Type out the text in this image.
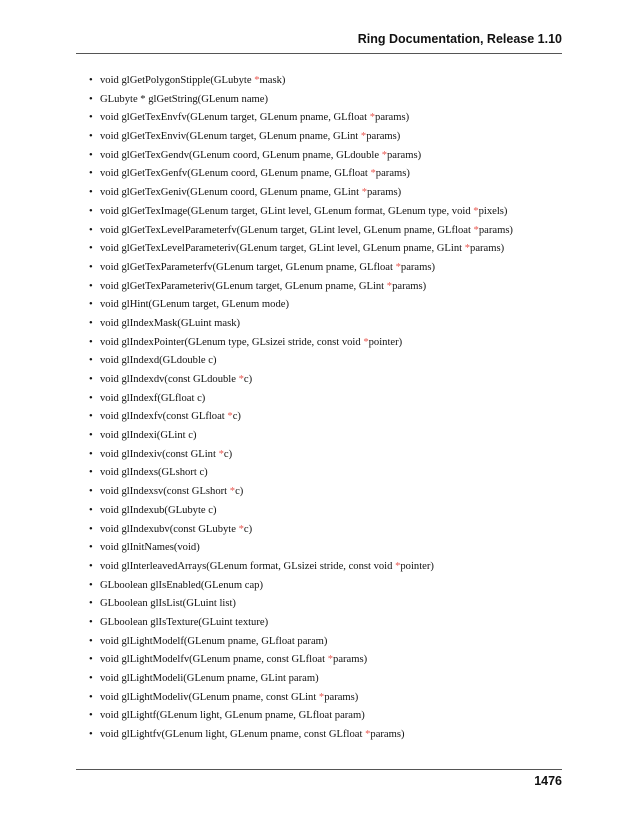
Ring Documentation, Release 1.10
• void glGetPolygonStipple(GLubyte *mask)
• GLubyte * glGetString(GLenum name)
• void glGetTexEnvfv(GLenum target, GLenum pname, GLfloat *params)
• void glGetTexEnviv(GLenum target, GLenum pname, GLint *params)
• void glGetTexGendv(GLenum coord, GLenum pname, GLdouble *params)
• void glGetTexGenfv(GLenum coord, GLenum pname, GLfloat *params)
• void glGetTexGeniv(GLenum coord, GLenum pname, GLint *params)
• void glGetTexImage(GLenum target, GLint level, GLenum format, GLenum type, void *pixels)
• void glGetTexLevelParameterfv(GLenum target, GLint level, GLenum pname, GLfloat *params)
• void glGetTexLevelParameteriv(GLenum target, GLint level, GLenum pname, GLint *params)
• void glGetTexParameterfv(GLenum target, GLenum pname, GLfloat *params)
• void glGetTexParameteriv(GLenum target, GLenum pname, GLint *params)
• void glHint(GLenum target, GLenum mode)
• void glIndexMask(GLuint mask)
• void glIndexPointer(GLenum type, GLsizei stride, const void *pointer)
• void glIndexd(GLdouble c)
• void glIndexdv(const GLdouble *c)
• void glIndexf(GLfloat c)
• void glIndexfv(const GLfloat *c)
• void glIndexi(GLint c)
• void glIndexiv(const GLint *c)
• void glIndexs(GLshort c)
• void glIndexsv(const GLshort *c)
• void glIndexub(GLubyte c)
• void glIndexubv(const GLubyte *c)
• void glInitNames(void)
• void glInterleavedArrays(GLenum format, GLsizei stride, const void *pointer)
• GLboolean glIsEnabled(GLenum cap)
• GLboolean glIsList(GLuint list)
• GLboolean glIsTexture(GLuint texture)
• void glLightModelf(GLenum pname, GLfloat param)
• void glLightModelfv(GLenum pname, const GLfloat *params)
• void glLightModeli(GLenum pname, GLint param)
• void glLightModeliv(GLenum pname, const GLint *params)
• void glLightf(GLenum light, GLenum pname, GLfloat param)
• void glLightfv(GLenum light, GLenum pname, const GLfloat *params)
1476
